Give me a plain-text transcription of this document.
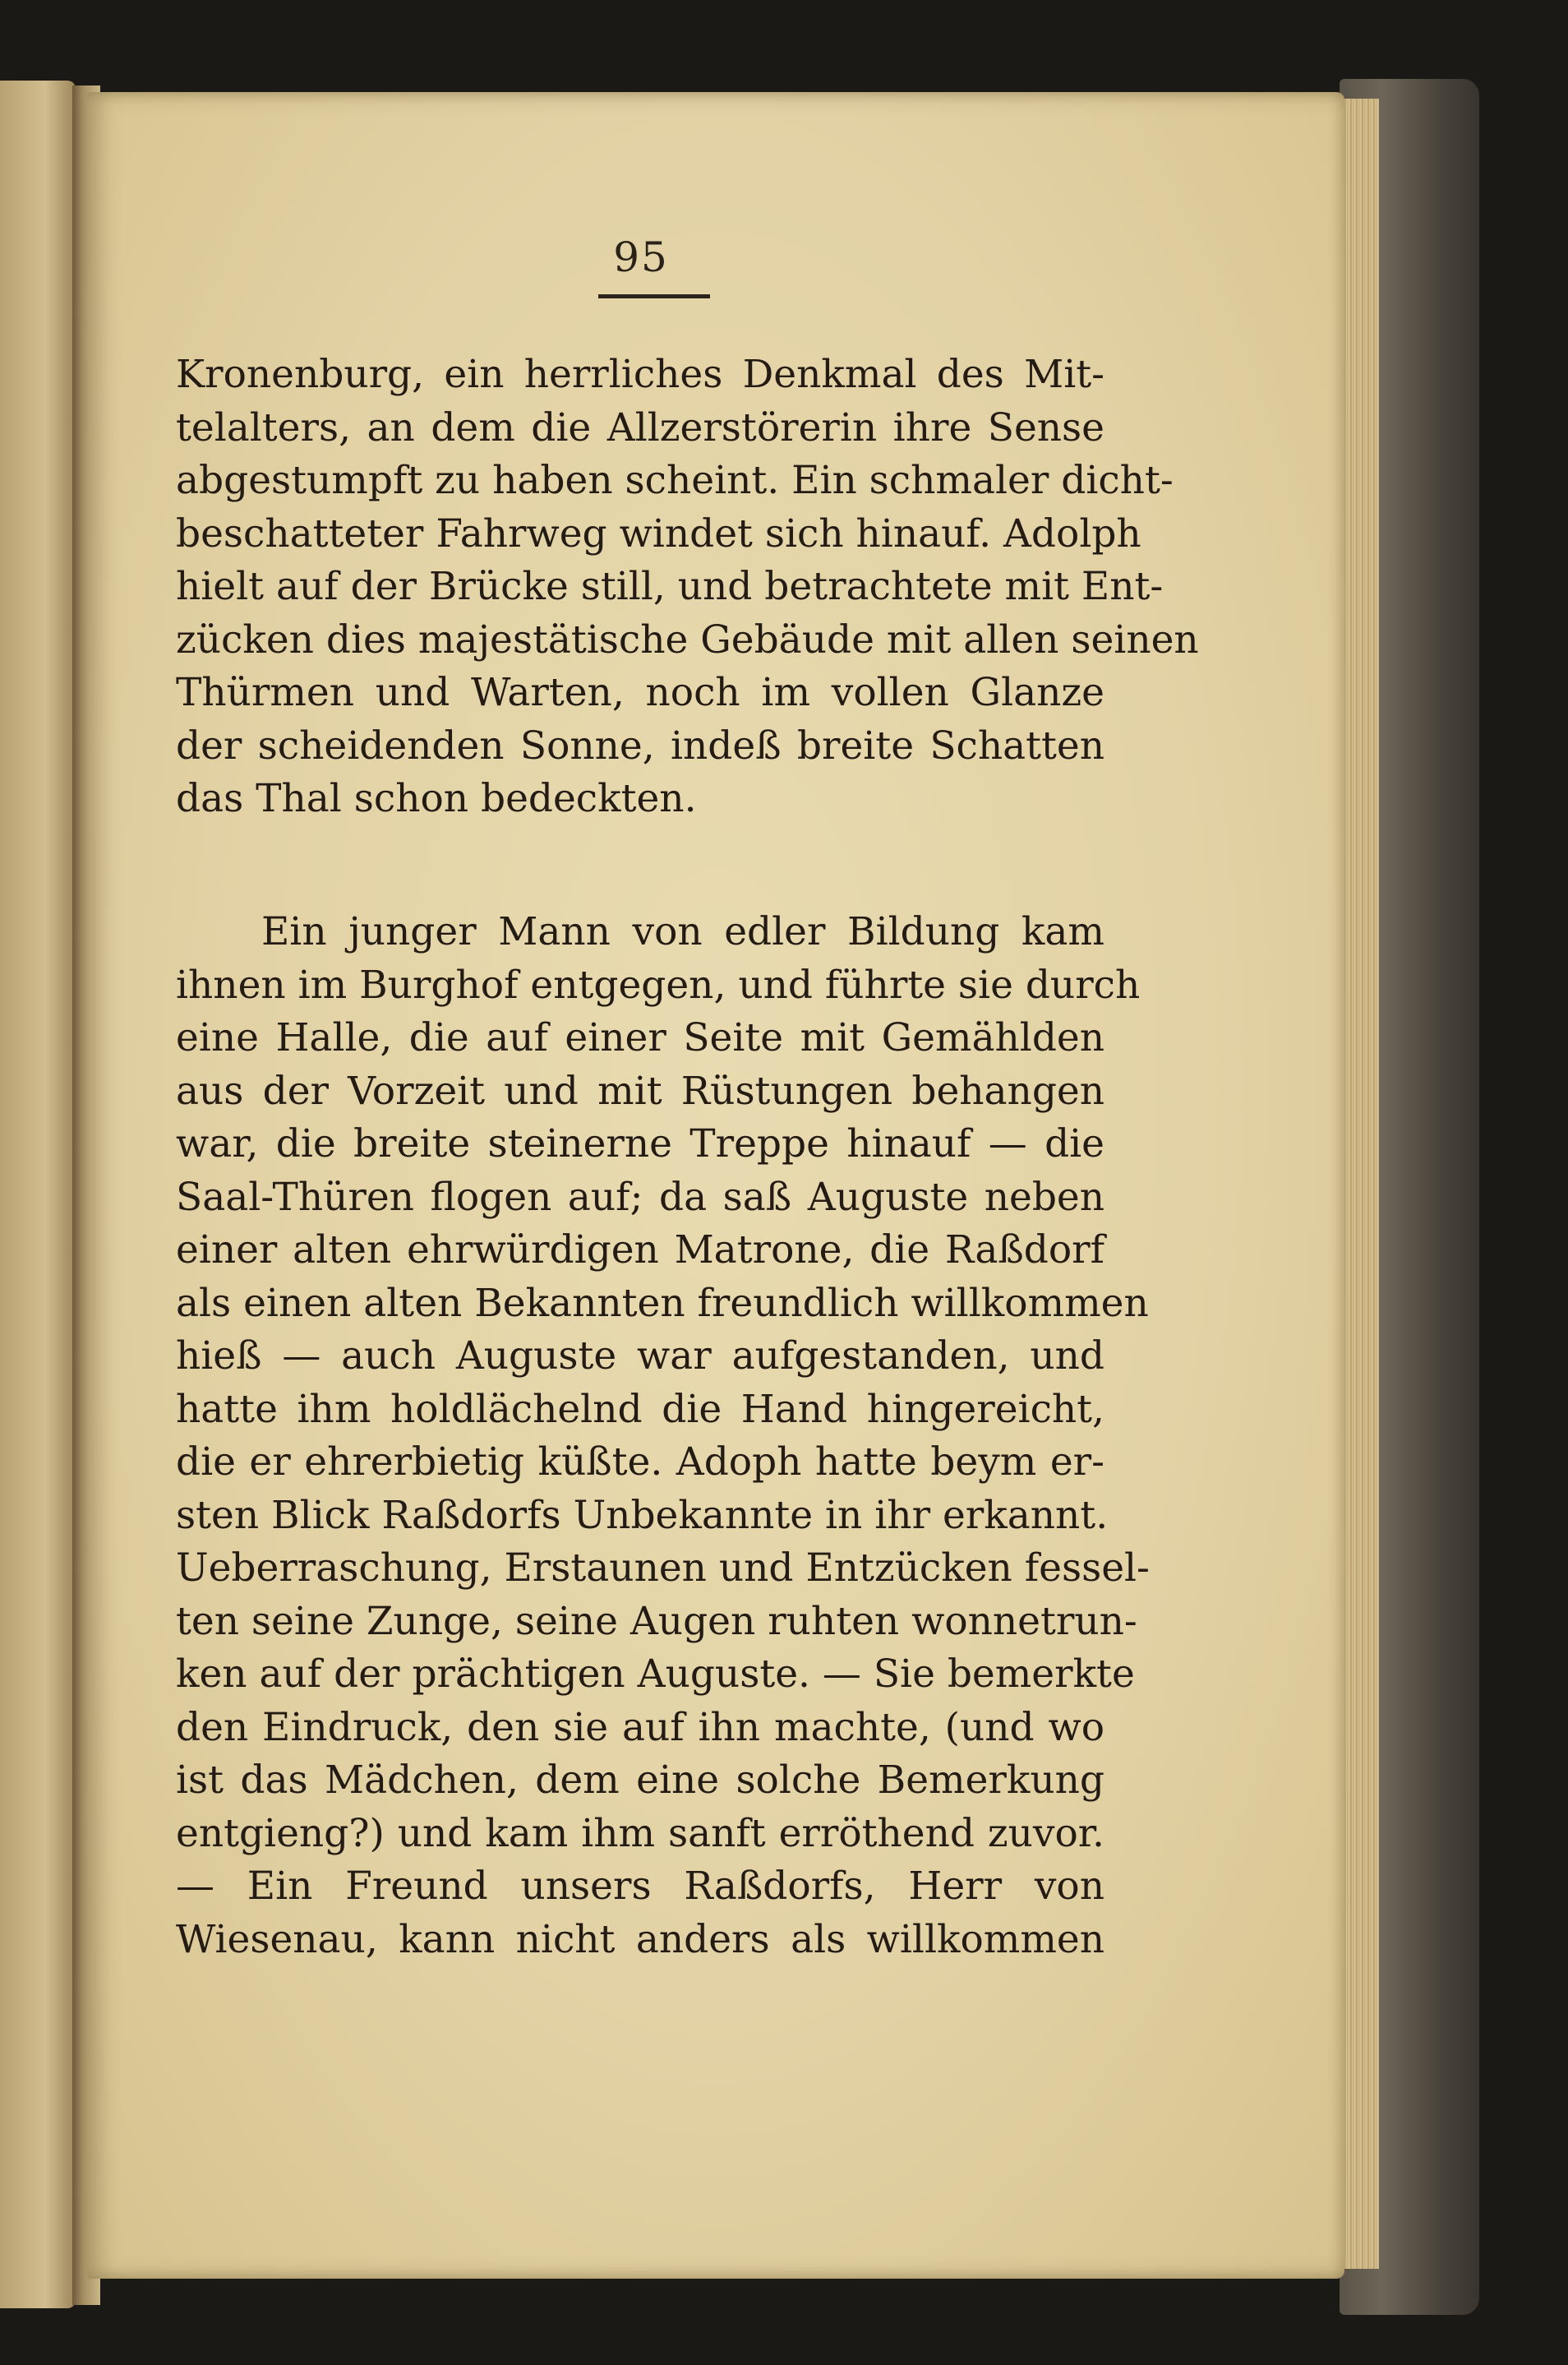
95
Kronenburg, ein herrliches Denkmal des Mit-
telalters, an dem die Allzerstörerin ihre Sense
abgestumpft zu haben scheint. Ein schmaler dicht-
beschatteter Fahrweg windet sich hinauf. Adolph
hielt auf der Brücke still, und betrachtete mit Ent-
zücken dies majestätische Gebäude mit allen seinen
Thürmen und Warten, noch im vollen Glanze
der scheidenden Sonne, indeß breite Schatten
das Thal schon bedeckten.
Ein junger Mann von edler Bildung kam
ihnen im Burghof entgegen, und führte sie durch
eine Halle, die auf einer Seite mit Gemählden
aus der Vorzeit und mit Rüstungen behangen
war, die breite steinerne Treppe hinauf — die
Saal-Thüren flogen auf; da saß Auguste neben
einer alten ehrwürdigen Matrone, die Raßdorf
als einen alten Bekannten freundlich willkommen
hieß — auch Auguste war aufgestanden, und
hatte ihm holdlächelnd die Hand hingereicht,
die er ehrerbietig küßte. Adoph hatte beym er-
sten Blick Raßdorfs Unbekannte in ihr erkannt.
Ueberraschung, Erstaunen und Entzücken fessel-
ten seine Zunge, seine Augen ruhten wonnetrun-
ken auf der prächtigen Auguste. — Sie bemerkte
den Eindruck, den sie auf ihn machte, (und wo
ist das Mädchen, dem eine solche Bemerkung
entgieng?) und kam ihm sanft erröthend zuvor.
— Ein Freund unsers Raßdorfs, Herr von
Wiesenau, kann nicht anders als willkommen
